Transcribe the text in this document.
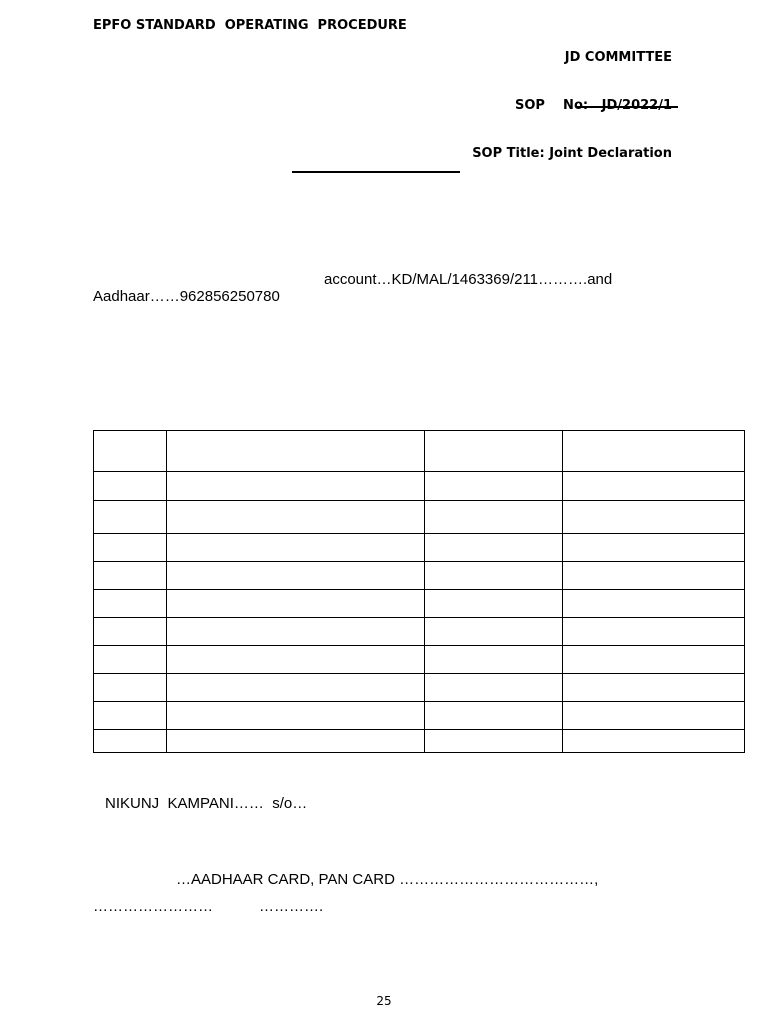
EPFO STANDARD  OPERATING  PROCEDURE

JD COMMITTEE

SOP    No:   JD/2022/1

SOP Title: Joint Declaration

account…KD/MAL/1463369/211……….and
Aadhaar……962856250780

NIKUNJ  KAMPANI……  s/o…
…AADHAAR CARD, PAN CARD …………………………………,
……………………	………….
25
